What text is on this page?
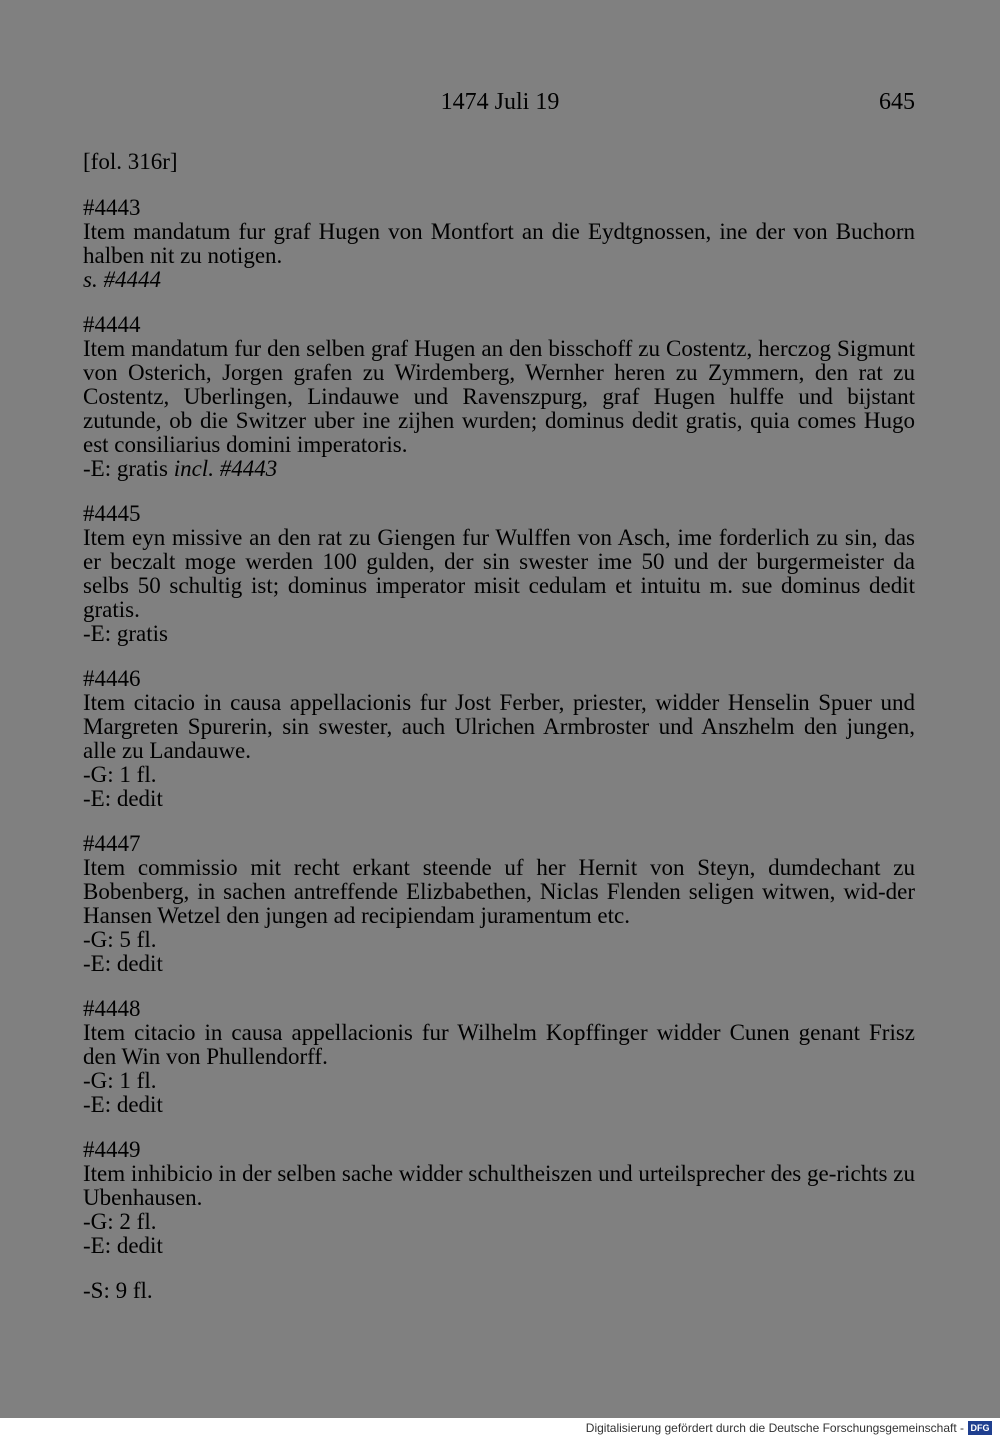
1474 Juli 19	645
[fol. 316r]
#4443
Item mandatum fur graf Hugen von Montfort an die Eydtgnossen, ine der von Buchorn halben nit zu notigen.
s. #4444
#4444
Item mandatum fur den selben graf Hugen an den bisschoff zu Costentz, herczog Sigmunt von Osterich, Jorgen grafen zu Wirdemberg, Wernher heren zu Zymmern, den rat zu Costentz, Uberlingen, Lindauwe und Ravenszpurg, graf Hugen hulffe und bijstant zutunde, ob die Switzer uber ine zijhen wurden; dominus dedit gratis, quia comes Hugo est consiliarius domini imperatoris.
-E: gratis incl. #4443
#4445
Item eyn missive an den rat zu Giengen fur Wulffen von Asch, ime forderlich zu sin, das er beczalt moge werden 100 gulden, der sin swester ime 50 und der burgermeister da selbs 50 schultig ist; dominus imperator misit cedulam et intuitu m. sue dominus dedit gratis.
-E: gratis
#4446
Item citacio in causa appellacionis fur Jost Ferber, priester, widder Henselin Spuer und Margreten Spurerin, sin swester, auch Ulrichen Armbroster und Anszhelm den jungen, alle zu Landauwe.
-G: 1 fl.
-E: dedit
#4447
Item commissio mit recht erkant steende uf her Hernit von Steyn, dumdechant zu Bobenberg, in sachen antreffende Elizbabethen, Niclas Flenden seligen witwen, wid-der Hansen Wetzel den jungen ad recipiendam juramentum etc.
-G: 5 fl.
-E: dedit
#4448
Item citacio in causa appellacionis fur Wilhelm Kopffinger widder Cunen genant Frisz den Win von Phullendorff.
-G: 1 fl.
-E: dedit
#4449
Item inhibicio in der selben sache widder schultheiszen und urteilsprecher des ge-richts zu Ubenhausen.
-G: 2 fl.
-E: dedit
-S: 9 fl.
Digitalisierung gefördert durch die Deutsche Forschungsgemeinschaft - DFG
